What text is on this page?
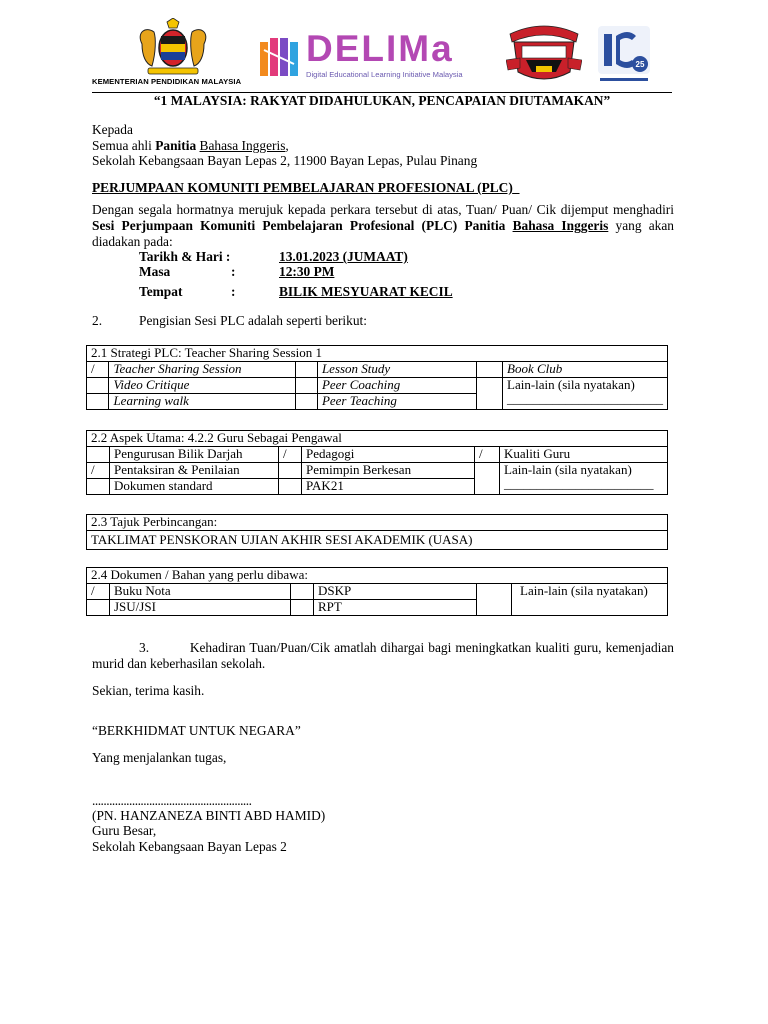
KEMENTERIAN PENDIDIKAN MALAYSIA
DELIMa
Digital Educational Learning Initiative Malaysia
25
“1 MALAYSIA: RAKYAT DIDAHULUKAN, PENCAPAIAN DIUTAMAKAN”
Kepada
Semua ahli Panitia Bahasa Inggeris,
Sekolah Kebangsaan Bayan Lepas 2, 11900 Bayan Lepas, Pulau Pinang
PERJUMPAAN KOMUNITI PEMBELAJARAN PROFESIONAL (PLC)
Dengan segala hormatnya merujuk kepada perkara tersebut di atas, Tuan/ Puan/ Cik dijemput menghadiri Sesi Perjumpaan Komuniti Pembelajaran Profesional (PLC) Panitia Bahasa Inggeris yang akan diadakan pada:
Tarikh & Hari :	13.01.2023 (JUMAAT)
Masa	:	12:30 PM
Tempat	:	BILIK MESYUARAT KECIL
2.	Pengisian Sesi PLC adalah seperti berikut:
2.1 Strategi PLC: Teacher Sharing Session 1					
/	Teacher Sharing Session		Lesson Study		Book Club
	Video Critique		Peer Coaching		Lain-lain (sila nyatakan)
________________________

	Learning walk		Peer Teaching		
2.2 Aspek Utama: 4.2.2 Guru Sebagai Pengawal					
	Pengurusan Bilik Darjah	/	Pedagogi	/	Kualiti Guru
/	Pentaksiran & Penilaian		Pemimpin Berkesan		Lain-lain (sila nyatakan)
_______________________

	Dokumen standard		PAK21		
2.3 Tajuk Perbincangan:
TAKLIMAT PENSKORAN UJIAN AKHIR SESI AKADEMIK (UASA)
2.4 Dokumen / Bahan yang perlu dibawa:					
/	Buku Nota		DSKP		Lain-lain (sila nyatakan)
	JSU/JSI		RPT		
3.	Kehadiran Tuan/Puan/Cik amatlah dihargai bagi meningkatkan kualiti guru, kemenjadian murid dan keberhasilan sekolah.
Sekian, terima kasih.
“BERKHIDMAT UNTUK NEGARA”
Yang menjalankan tugas,
........................................................
(PN. HANZANEZA BINTI ABD HAMID)
Guru Besar,
Sekolah Kebangsaan Bayan Lepas 2
